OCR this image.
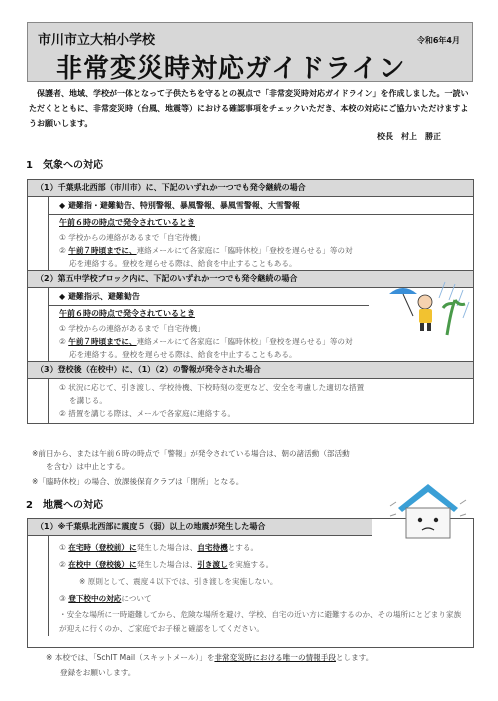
市川市立大柏小学校	令和6年4月
非常変災時対応ガイドライン
保護者、地域、学校が一体となって子供たちを守るとの視点で「非常変災時対応ガイドライン」を作成しました。一読いただくとともに、非常変災時（台風、地震等）における確認事項をチェックいただき、本校の対応にご協力いただけますようお願いします。
校長　村上　勝正
1　気象への対応
（1）千葉県北西部（市川市）に、下記のいずれか一つでも発令継続の場合
◆ 避難指・避難勧告、特別警報、暴風警報、暴風雪警報、大雪警報
午前６時の時点で発令されているとき
① 学校からの連絡があるまで「自宅待機」
② 午前７時頃までに、連絡メールにて各家庭に「臨時休校」「登校を遅らせる」等の対
応を連絡する。登校を遅らせる際は、給食を中止することもある。
（2）第五中学校ブロック内に、下記のいずれか一つでも発令継続の場合
◆ 避難指示、避難勧告
午前６時の時点で発令されているとき
① 学校からの連絡があるまで「自宅待機」
② 午前７時頃までに、連絡メールにて各家庭に「臨時休校」「登校を遅らせる」等の対
応を連絡する。登校を遅らせる際は、給食を中止することもある。
（3）登校後（在校中）に、（1）（2）の警報が発令された場合
① 状況に応じて、引き渡し、学校待機、下校時刻の変更など、安全を考慮した適切な措置
を講じる。
② 措置を講じる際は、メールで各家庭に連絡する。
※前日から、または午前６時の時点で「警報」が発令されている場合は、朝の諸活動（部活動
を含む）は中止とする。
※「臨時休校」の場合、放課後保育クラブは「閉所」となる。
2　地震への対応
（1）※千葉県北西部に震度５（弱）以上の地震が発生した場合
① 在宅時（登校前）に発生した場合は、自宅待機とする。
② 在校中（登校後）に発生した場合は、引き渡しを実施する。
※ 原則として、震度４以下では、引き渡しを実施しない。
③ 登下校中の対応について
・安全な場所に一時避難してから、危険な場所を避け、学校、自宅の近い方に避難するのか、その場所にとどまり家族が迎えに行くのか、ご家庭でお子様と確認をしてください。
※ 本校では、「SchIT Mail（スキットメール）」を非常変災時における唯一の情報手段とします。
登録をお願いします。
